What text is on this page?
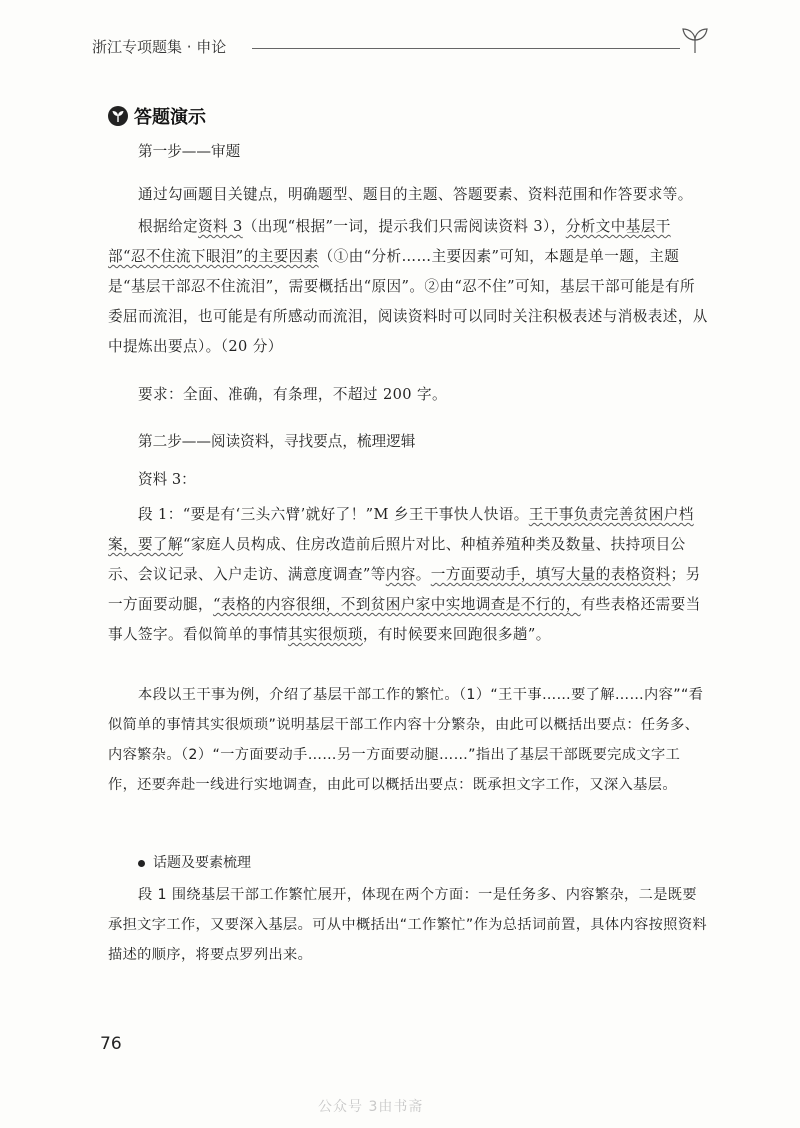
浙江专项题集 · 申论
答题演示
第一步——审题

通过勾画题目关键点，明确题型、题目的主题、答题要素、资料范围和作答要求等。

根据给定资料 3（出现“根据”一词，提示我们只需阅读资料 3），分析文中基层干部“忍不住流下眼泪”的主要因素（①由“分析……主要因素”可知，本题是单一题，主题是“基层干部忍不住流泪”，需要概括出“原因”。②由“忍不住”可知，基层干部可能是有所委屈而流泪，也可能是有所感动而流泪，阅读资料时可以同时关注积极表述与消极表述，从中提炼出要点）。（20 分）

要求：全面、准确，有条理，不超过 200 字。

第二步——阅读资料，寻找要点，梳理逻辑
资料 3：

段 1：“要是有‘三头六臂’就好了！”M 乡王干事快人快语。王干事负责完善贫困户档案，要了解“家庭人员构成、住房改造前后照片对比、种植养殖种类及数量、扶持项目公示、会议记录、入户走访、满意度调查”等内容。一方面要动手，填写大量的表格资料；另一方面要动腿，“表格的内容很细，不到贫困户家中实地调查是不行的，有些表格还需要当事人签字。看似简单的事情其实很烦琐，有时候要来回跑很多趟”。

本段以王干事为例，介绍了基层干部工作的繁忙。（1）“王干事……要了解……内容”“看似简单的事情其实很烦琐”说明基层干部工作内容十分繁杂，由此可以概括出要点：任务多、内容繁杂。（2）“一方面要动手……另一方面要动腿……”指出了基层干部既要完成文字工作，还要奔赴一线进行实地调查，由此可以概括出要点：既承担文字工作，又深入基层。

话题及要素梳理

段 1 围绕基层干部工作繁忙展开，体现在两个方面：一是任务多、内容繁杂，二是既要承担文字工作，又要深入基层。可从中概括出“工作繁忙”作为总括词前置，具体内容按照资料描述的顺序，将要点罗列出来。

76
公众号 3由书斋
